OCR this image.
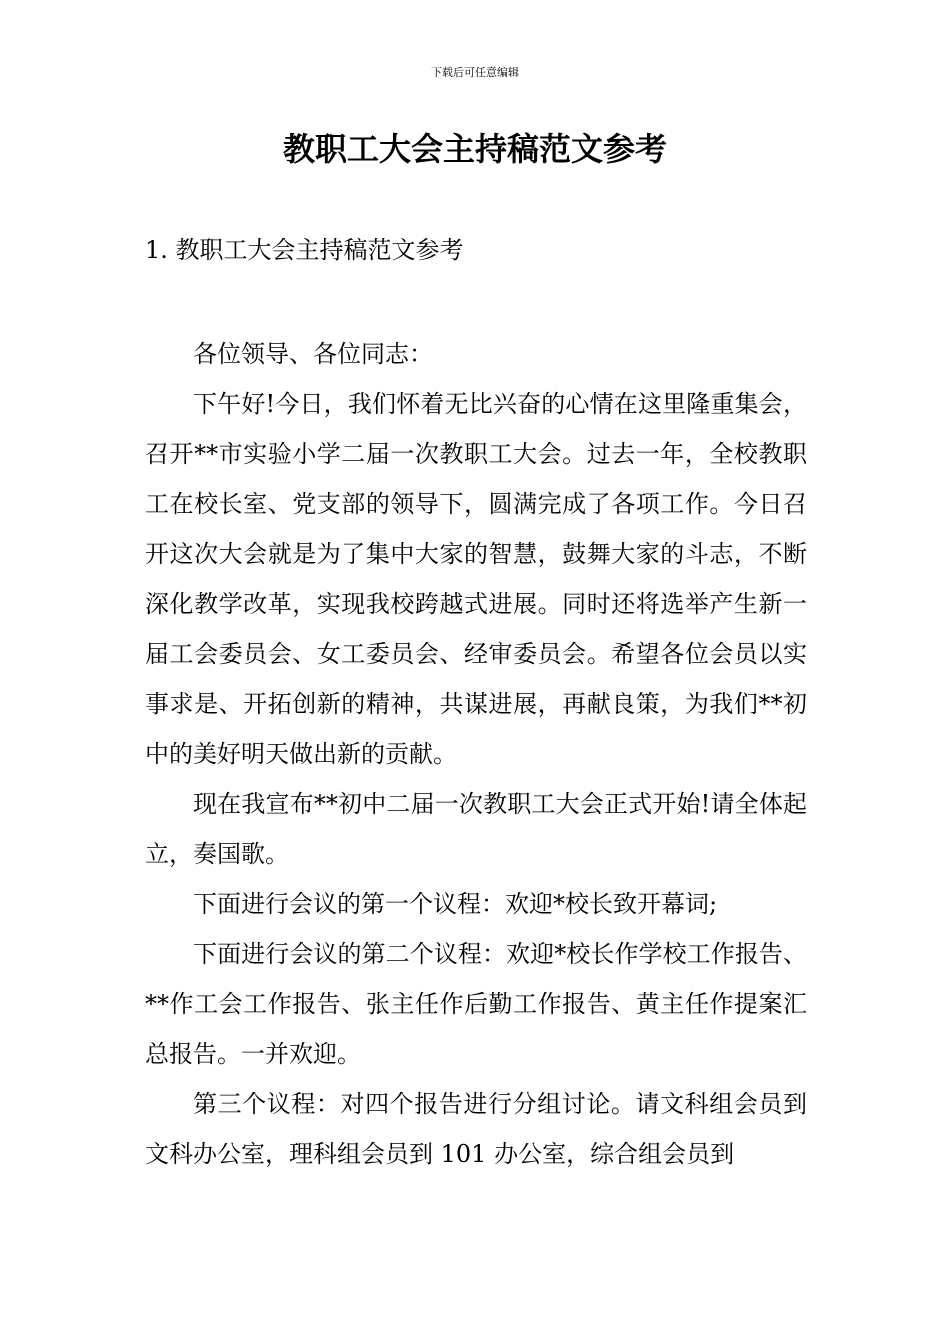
下载后可任意编辑
教职工大会主持稿范文参考
1. 教职工大会主持稿范文参考

各位领导、各位同志：

下午好!今日，我们怀着无比兴奋的心情在这里隆重集会，召开**市实验小学二届一次教职工大会。过去一年，全校教职工在校长室、党支部的领导下，圆满完成了各项工作。今日召开这次大会就是为了集中大家的智慧，鼓舞大家的斗志，不断深化教学改革，实现我校跨越式进展。同时还将选举产生新一届工会委员会、女工委员会、经审委员会。希望各位会员以实事求是、开拓创新的精神，共谋进展，再献良策，为我们**初中的美好明天做出新的贡献。

现在我宣布**初中二届一次教职工大会正式开始!请全体起立，奏国歌。

下面进行会议的第一个议程：欢迎*校长致开幕词;

下面进行会议的第二个议程：欢迎*校长作学校工作报告、**作工会工作报告、张主任作后勤工作报告、黄主任作提案汇总报告。一并欢迎。

第三个议程：对四个报告进行分组讨论。请文科组会员到文科办公室，理科组会员到 101 办公室，综合组会员到
